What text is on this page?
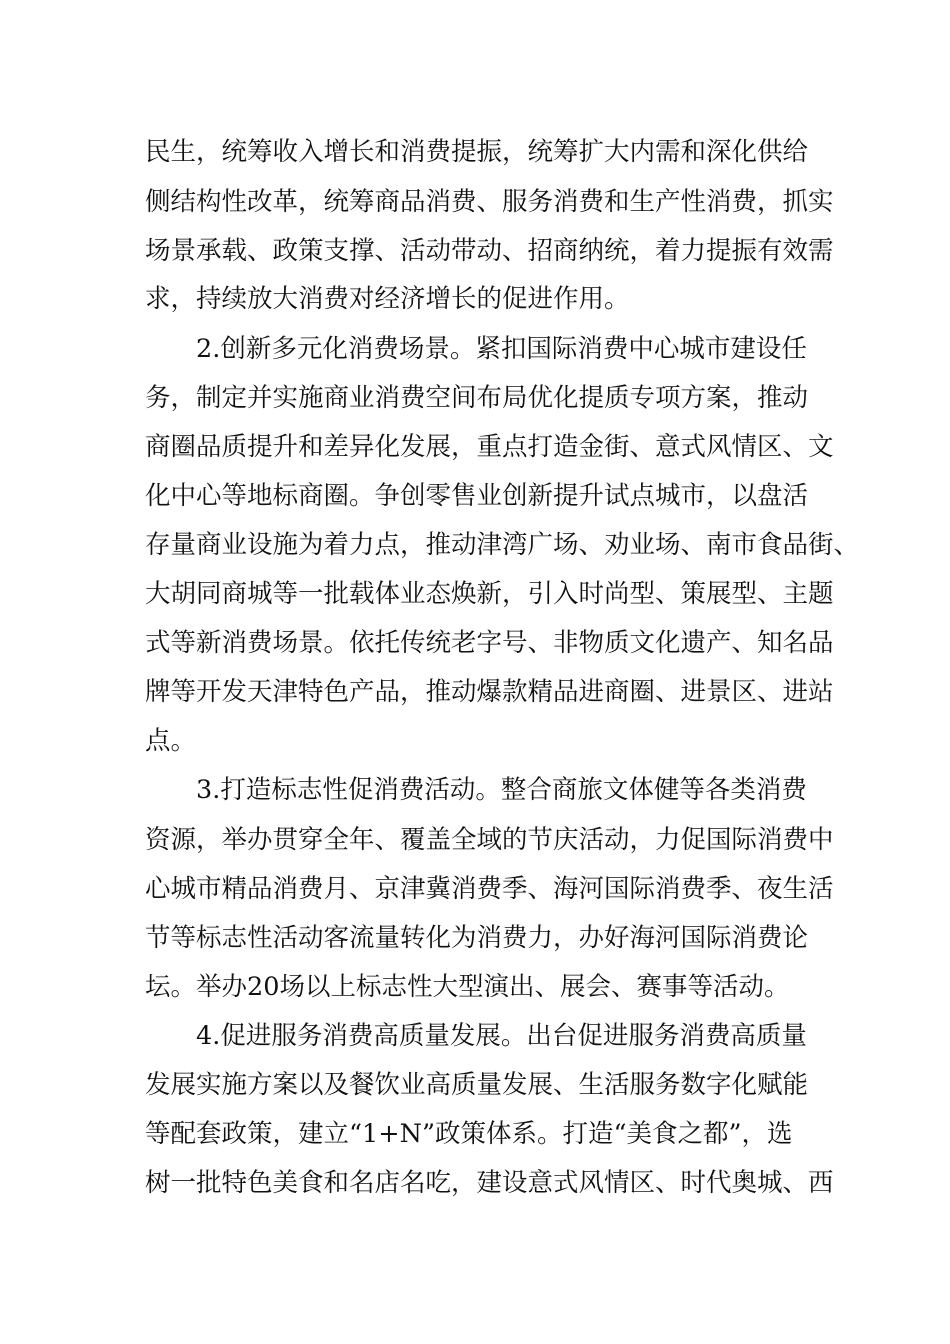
民生，统筹收入增长和消费提振，统筹扩大内需和深化供给
侧结构性改革，统筹商品消费、服务消费和生产性消费，抓实
场景承载、政策支撑、活动带动、招商纳统，着力提振有效需
求，持续放大消费对经济增长的促进作用。
2.创新多元化消费场景。紧扣国际消费中心城市建设任
务，制定并实施商业消费空间布局优化提质专项方案，推动
商圈品质提升和差异化发展，重点打造金街、意式风情区、文
化中心等地标商圈。争创零售业创新提升试点城市，以盘活
存量商业设施为着力点，推动津湾广场、劝业场、南市食品街、
大胡同商城等一批载体业态焕新，引入时尚型、策展型、主题
式等新消费场景。依托传统老字号、非物质文化遗产、知名品
牌等开发天津特色产品，推动爆款精品进商圈、进景区、进站
点。
3.打造标志性促消费活动。整合商旅文体健等各类消费
资源，举办贯穿全年、覆盖全域的节庆活动，力促国际消费中
心城市精品消费月、京津冀消费季、海河国际消费季、夜生活
节等标志性活动客流量转化为消费力，办好海河国际消费论
坛。举办20场以上标志性大型演出、展会、赛事等活动。
4.促进服务消费高质量发展。出台促进服务消费高质量
发展实施方案以及餐饮业高质量发展、生活服务数字化赋能
等配套政策，建立“1+N”政策体系。打造“美食之都”，选
树一批特色美食和名店名吃，建设意式风情区、时代奥城、西
